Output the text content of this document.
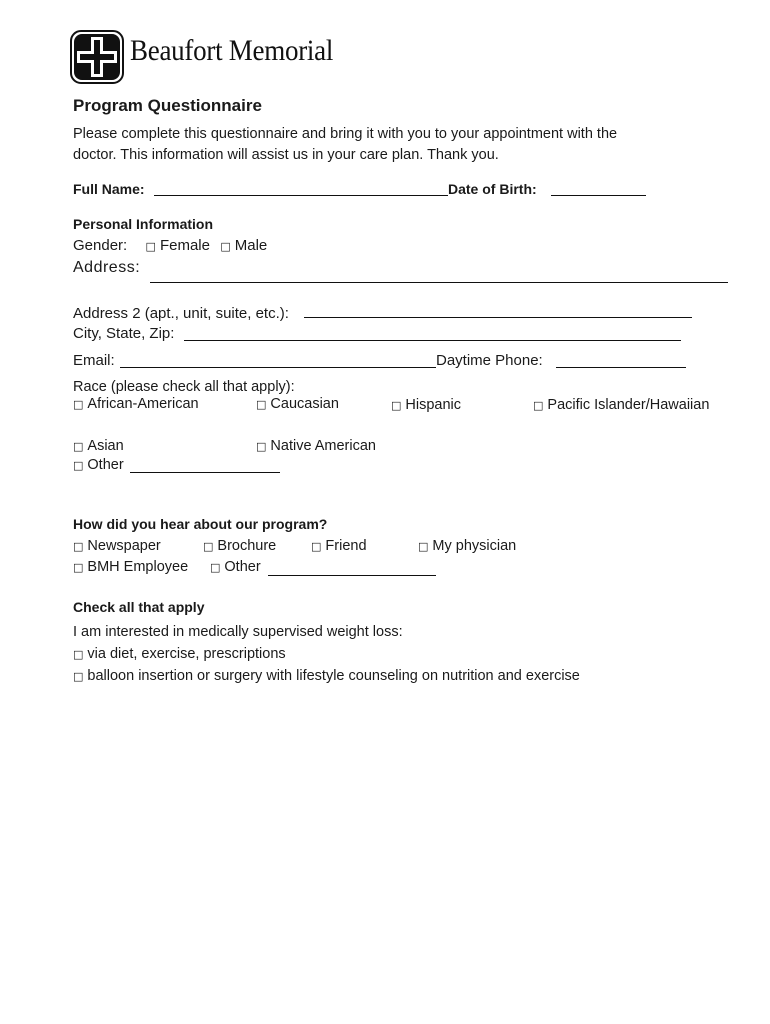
Beaufort Memorial
Program Questionnaire
Please complete this questionnaire and bring it with you to your appointment with the
doctor. This information will assist us in your care plan. Thank you.
Full Name:	Date of Birth:
Personal Information
Gender: □ Female □ Male
Address:
Address 2 (apt., unit, suite, etc.):
City, State, Zip:
Email:	Daytime Phone:
Race (please check all that apply):
□ African-American	□ Caucasian	□ Hispanic	□ Pacific Islander/Hawaiian
□ Asian	□ Native American
□ Other
How did you hear about our program?
□ Newspaper	□ Brochure	□ Friend	□ My physician
□ BMH Employee □ Other
Check all that apply
I am interested in medically supervised weight loss:
□ via diet, exercise, prescriptions
□ balloon insertion or surgery with lifestyle counseling on nutrition and exercise
